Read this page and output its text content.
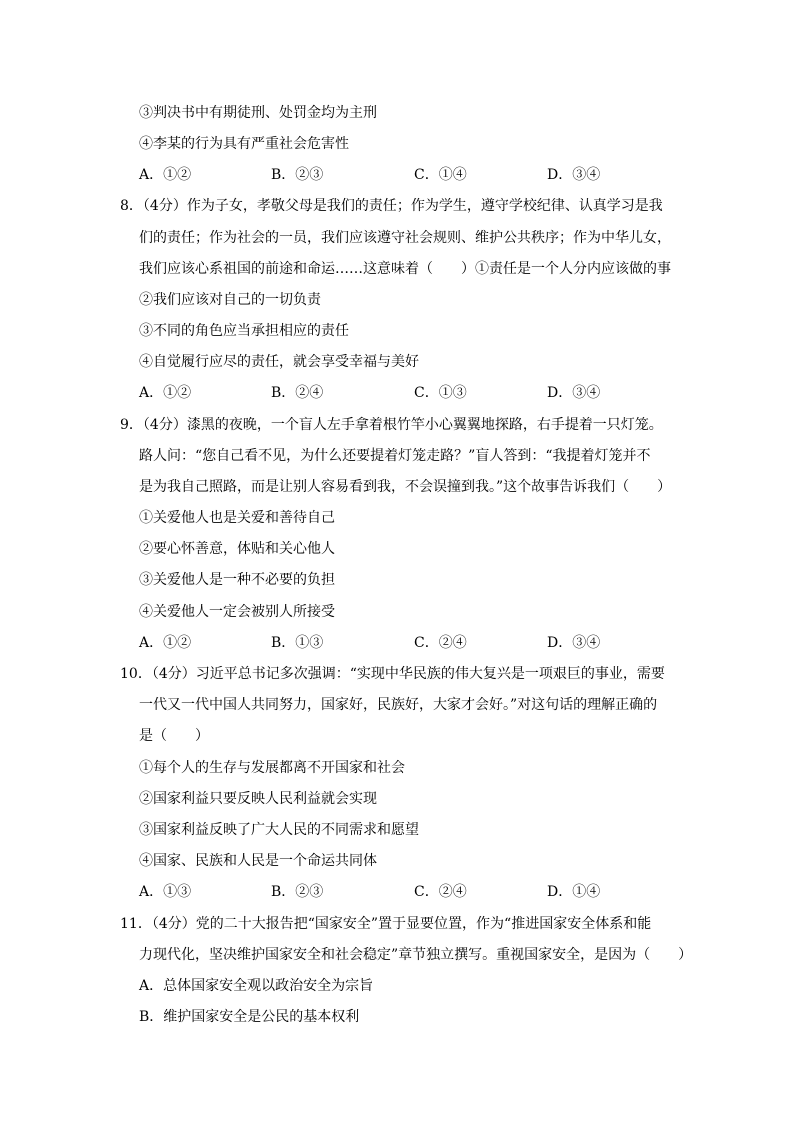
③判决书中有期徒刑、处罚金均为主刑
④李某的行为具有严重社会危害性
A．①②	B．②③	C．①④	D．③④
8．（4分）作为子女，孝敬父母是我们的责任；作为学生，遵守学校纪律、认真学习是我
们的责任；作为社会的一员，我们应该遵守社会规则、维护公共秩序；作为中华儿女，
我们应该心系祖国的前途和命运……这意味着（　　）①责任是一个人分内应该做的事
②我们应该对自己的一切负责
③不同的角色应当承担相应的责任
④自觉履行应尽的责任，就会享受幸福与美好
A．①②	B．②④	C．①③	D．③④
9．（4分）漆黑的夜晚，一个盲人左手拿着根竹竿小心翼翼地探路，右手提着一只灯笼。
路人问：“您自己看不见，为什么还要提着灯笼走路？”盲人答到：“我提着灯笼并不
是为我自己照路，而是让别人容易看到我，不会误撞到我。”这个故事告诉我们（　　）
①关爱他人也是关爱和善待自己
②要心怀善意，体贴和关心他人
③关爱他人是一种不必要的负担
④关爱他人一定会被别人所接受
A．①②	B．①③	C．②④	D．③④
10．（4分）习近平总书记多次强调：“实现中华民族的伟大复兴是一项艰巨的事业，需要
一代又一代中国人共同努力，国家好，民族好，大家才会好。”对这句话的理解正确的
是（　　）
①每个人的生存与发展都离不开国家和社会
②国家利益只要反映人民利益就会实现
③国家利益反映了广大人民的不同需求和愿望
④国家、民族和人民是一个命运共同体
A．①③	B．②③	C．②④	D．①④
11．（4分）党的二十大报告把“国家安全”置于显要位置，作为“推进国家安全体系和能
力现代化，坚决维护国家安全和社会稳定”章节独立撰写。重视国家安全，是因为（　　）
A．总体国家安全观以政治安全为宗旨
B．维护国家安全是公民的基本权利
